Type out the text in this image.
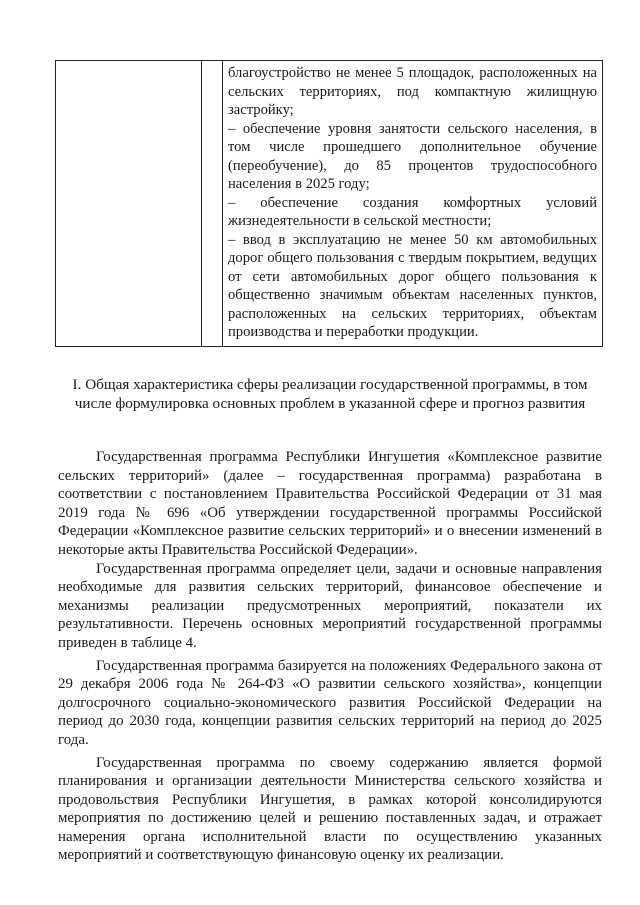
благоустройство не менее 5 площадок, расположенных на сельских территориях, под компактную жилищную застройку;

– обеспечение уровня занятости сельского населения, в том числе прошедшего дополнительное обучение (переобучение), до 85 процентов трудоспособного населения в 2025 году;

– обеспечение создания комфортных условий жизнедеятельности в сельской местности;

– ввод в эксплуатацию не менее 50 км автомобильных дорог общего пользования с твердым покрытием, ведущих от сети автомобильных дорог общего пользования к общественно значимым объектам населенных пунктов, расположенных на сельских территориях, объектам производства и переработки продукции.

I. Общая характеристика сферы реализации государственной программы, в том числе формулировка основных проблем в указанной сфере и прогноз развития

Государственная программа Республики Ингушетия «Комплексное развитие сельских территорий» (далее – государственная программа) разработана в соответствии с постановлением Правительства Российской Федерации от 31 мая 2019 года № 696 «Об утверждении государственной программы Российской Федерации «Комплексное развитие сельских территорий» и о внесении изменений в некоторые акты Правительства Российской Федерации».

Государственная программа определяет цели, задачи и основные направления необходимые для развития сельских территорий, финансовое обеспечение и механизмы реализации предусмотренных мероприятий, показатели их результативности. Перечень основных мероприятий государственной программы приведен в таблице 4.

Государственная программа базируется на положениях Федерального закона от 29 декабря 2006 года № 264-ФЗ «О развитии сельского хозяйства», концепции долгосрочного социально-экономического развития Российской Федерации на период до 2030 года, концепции развития сельских территорий на период до 2025 года.

Государственная программа по своему содержанию является формой планирования и организации деятельности Министерства сельского хозяйства и продовольствия Республики Ингушетия, в рамках которой консолидируются мероприятия по достижению целей и решению поставленных задач, и отражает намерения органа исполнительной власти по осуществлению указанных мероприятий и соответствующую финансовую оценку их реализации.
